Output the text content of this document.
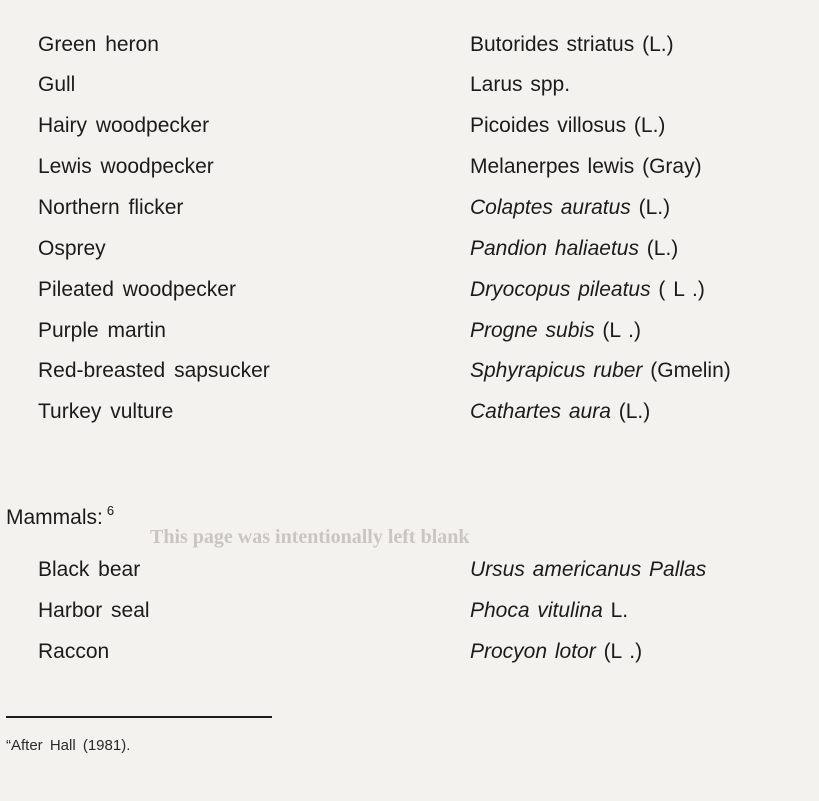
This page was intentionally left blank
Green heron	Butorides striatus (L.)
Gull	Larus spp.
Hairy woodpecker	Picoides villosus (L.)
Lewis woodpecker	Melanerpes lewis (Gray)
Northern flicker	Colaptes auratus (L.)
Osprey	Pandion haliaetus (L.)
Pileated woodpecker	Dryocopus pileatus ( L .)
Purple martin	Progne subis (L .)
Red-breasted sapsucker	Sphyrapicus ruber (Gmelin)
Turkey vulture	Cathartes aura (L.)
Mammals: $^6$
Black bear	Ursus americanus Pallas
Harbor seal	Phoca vitulina L.
Raccon	Procyon lotor (L .)
“After Hall (1981).
